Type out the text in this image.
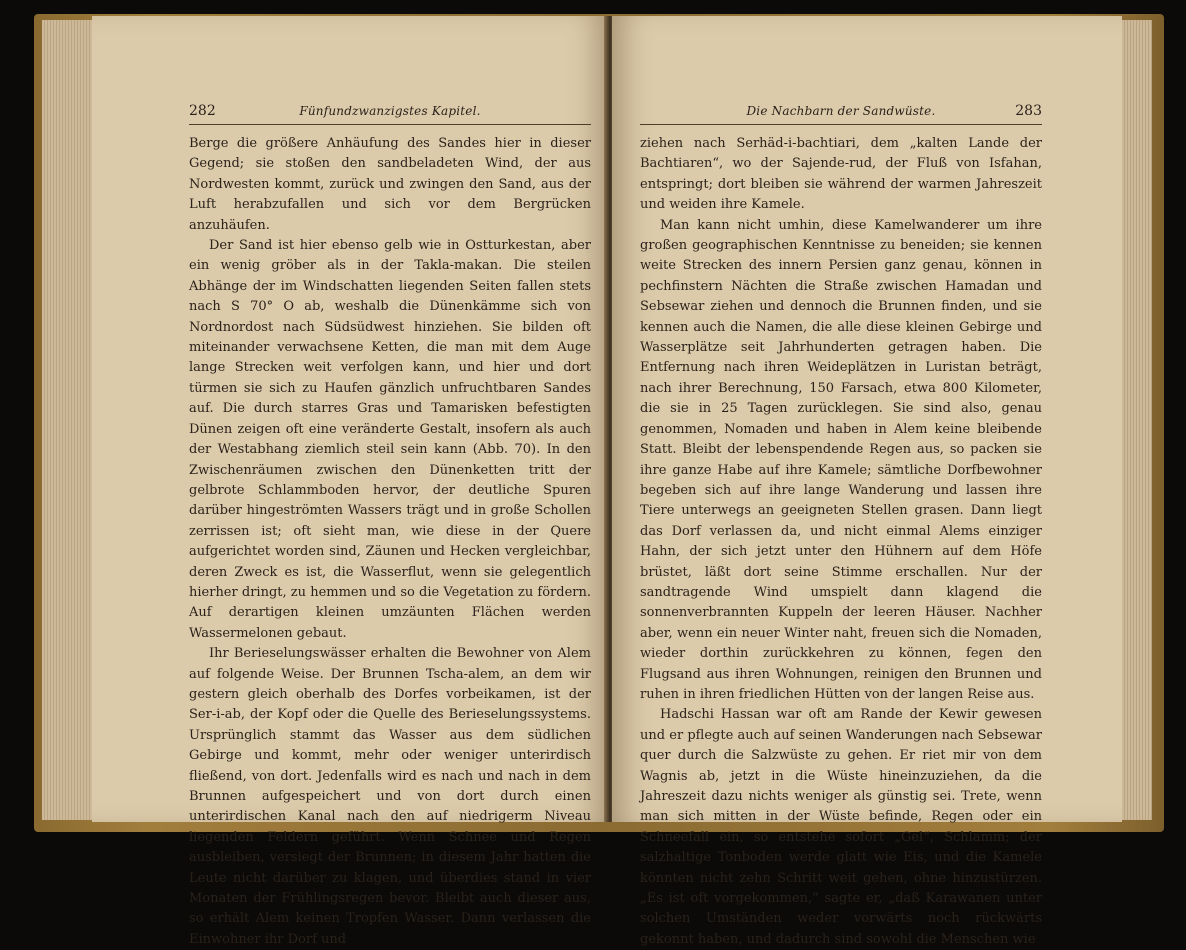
282	Fünfundzwanzigstes Kapitel.

Berge die größere Anhäufung des Sandes hier in dieser Gegend; sie stoßen den sandbeladeten Wind, der aus Nordwesten kommt, zurück und zwingen den Sand, aus der Luft herabzufallen und sich vor dem Bergrücken anzuhäufen.

Der Sand ist hier ebenso gelb wie in Ostturkestan, aber ein wenig gröber als in der Takla-makan. Die steilen Abhänge der im Windschatten liegenden Seiten fallen stets nach S 70° O ab, weshalb die Dünenkämme sich von Nordnordost nach Südsüdwest hinziehen. Sie bilden oft miteinander verwachsene Ketten, die man mit dem Auge lange Strecken weit verfolgen kann, und hier und dort türmen sie sich zu Haufen gänzlich unfruchtbaren Sandes auf. Die durch starres Gras und Tamarisken befestigten Dünen zeigen oft eine veränderte Gestalt, insofern als auch der Westabhang ziemlich steil sein kann (Abb. 70). In den Zwischenräumen zwischen den Dünenketten tritt der gelbrote Schlammboden hervor, der deutliche Spuren darüber hingeströmten Wassers trägt und in große Schollen zerrissen ist; oft sieht man, wie diese in der Quere aufgerichtet worden sind, Zäunen und Hecken vergleichbar, deren Zweck es ist, die Wasserflut, wenn sie gelegentlich hierher dringt, zu hemmen und so die Vegetation zu fördern. Auf derartigen kleinen umzäunten Flächen werden Wassermelonen gebaut.

Ihr Berieselungswässer erhalten die Bewohner von Alem auf folgende Weise. Der Brunnen Tscha-alem, an dem wir gestern gleich oberhalb des Dorfes vorbeikamen, ist der Ser-i-ab, der Kopf oder die Quelle des Berieselungssystems. Ursprünglich stammt das Wasser aus dem südlichen Gebirge und kommt, mehr oder weniger unterirdisch fließend, von dort. Jedenfalls wird es nach und nach in dem Brunnen aufgespeichert und von dort durch einen unterirdischen Kanal nach den auf niedrigerm Niveau liegenden Feldern geführt. Wenn Schnee und Regen ausbleiben, versiegt der Brunnen; in diesem Jahr hatten die Leute nicht darüber zu klagen, und überdies stand in vier Monaten der Frühlingsregen bevor. Bleibt auch dieser aus, so erhält Alem keinen Tropfen Wasser. Dann verlassen die Einwohner ihr Dorf und

Die Nachbarn der Sandwüste.	283

ziehen nach Serhäd-i-bachtiari, dem „kalten Lande der Bachtiaren“, wo der Sajende-rud, der Fluß von Isfahan, entspringt; dort bleiben sie während der warmen Jahreszeit und weiden ihre Kamele.

Man kann nicht umhin, diese Kamelwanderer um ihre großen geographischen Kenntnisse zu beneiden; sie kennen weite Strecken des innern Persien ganz genau, können in pechfinstern Nächten die Straße zwischen Hamadan und Sebsewar ziehen und dennoch die Brunnen finden, und sie kennen auch die Namen, die alle diese kleinen Gebirge und Wasserplätze seit Jahrhunderten getragen haben. Die Entfernung nach ihren Weideplätzen in Luristan beträgt, nach ihrer Berechnung, 150 Farsach, etwa 800 Kilometer, die sie in 25 Tagen zurücklegen. Sie sind also, genau genommen, Nomaden und haben in Alem keine bleibende Statt. Bleibt der lebenspendende Regen aus, so packen sie ihre ganze Habe auf ihre Kamele; sämtliche Dorfbewohner begeben sich auf ihre lange Wanderung und lassen ihre Tiere unterwegs an geeigneten Stellen grasen. Dann liegt das Dorf verlassen da, und nicht einmal Alems einziger Hahn, der sich jetzt unter den Hühnern auf dem Höfe brüstet, läßt dort seine Stimme erschallen. Nur der sandtragende Wind umspielt dann klagend die sonnenverbrannten Kuppeln der leeren Häuser. Nachher aber, wenn ein neuer Winter naht, freuen sich die Nomaden, wieder dorthin zurückkehren zu können, fegen den Flugsand aus ihren Wohnungen, reinigen den Brunnen und ruhen in ihren friedlichen Hütten von der langen Reise aus.

Hadschi Hassan war oft am Rande der Kewir gewesen und er pflegte auch auf seinen Wanderungen nach Sebsewar quer durch die Salzwüste zu gehen. Er riet mir von dem Wagnis ab, jetzt in die Wüste hineinzuziehen, da die Jahreszeit dazu nichts weniger als günstig sei. Trete, wenn man sich mitten in der Wüste befinde, Regen oder ein Schneefall ein, so entstehe sofort „Gel“, Schlamm; der salzhaltige Tonboden werde glatt wie Eis, und die Kamele könnten nicht zehn Schritt weit gehen, ohne hinzustürzen. „Es ist oft vorgekommen,“ sagte er, „daß Karawanen unter solchen Umständen weder vorwärts noch rückwärts gekonnt haben, und dadurch sind sowohl die Menschen wie
